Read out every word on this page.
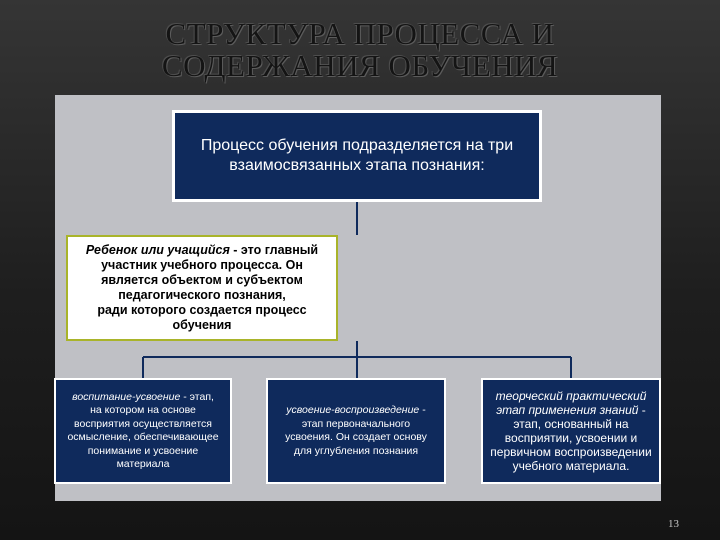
СТРУКТУРА ПРОЦЕССА И
СОДЕРЖАНИЯ ОБУЧЕНИЯ
Процесс обучения подразделяется на три
взаимосвязанных этапа познания:
Ребенок или учащийся - это главный
участник учебного процесса. Он
является объектом и субъектом
педагогического познания,
ради которого создается процесс
обучения
воспитание-усвоение - этап,
на котором на основе
восприятия осуществляется
осмысление, обеспечивающее
понимание и усвоение
материала
усвоение-воспроизведение -
этап первоначального
усвоения. Он создает основу
для углубления познания
теорческий практический
этап применения знаний -
этап, основанный на
восприятии, усвоении и
первичном воспроизведении
учебного материала.
13
